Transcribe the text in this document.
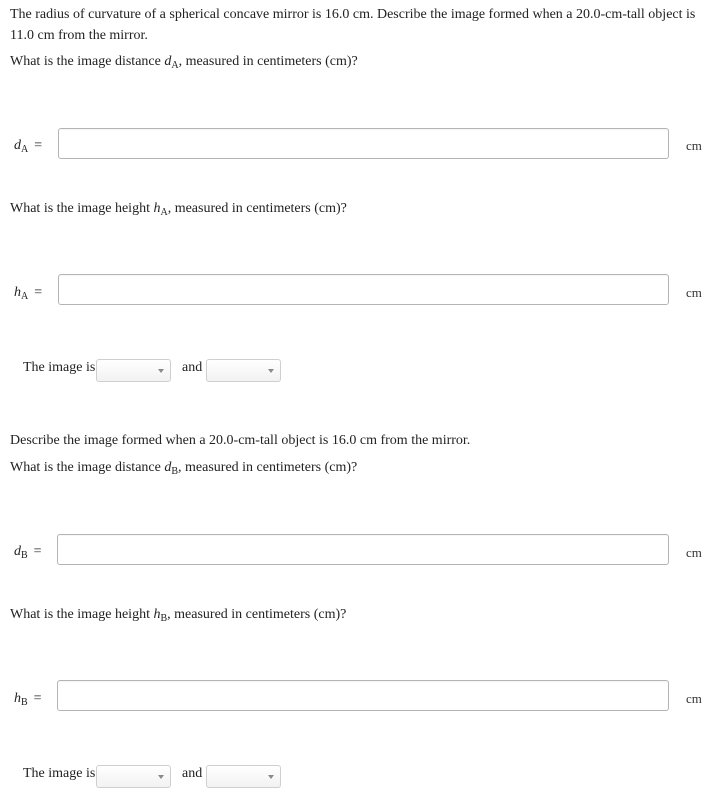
The radius of curvature of a spherical concave mirror is 16.0 cm. Describe the image formed when a 20.0-cm-tall object is 11.0 cm from the mirror.
What is the image distance $d_A$, measured in centimeters (cm)?
$d_A$ =	cm
What is the image height $h_A$, measured in centimeters (cm)?
$h_A$ =	cm
The image is	and
Describe the image formed when a 20.0-cm-tall object is 16.0 cm from the mirror.
What is the image distance $d_B$, measured in centimeters (cm)?
$d_B$ =	cm
What is the image height $h_B$, measured in centimeters (cm)?
$h_B$ =	cm
The image is	and
